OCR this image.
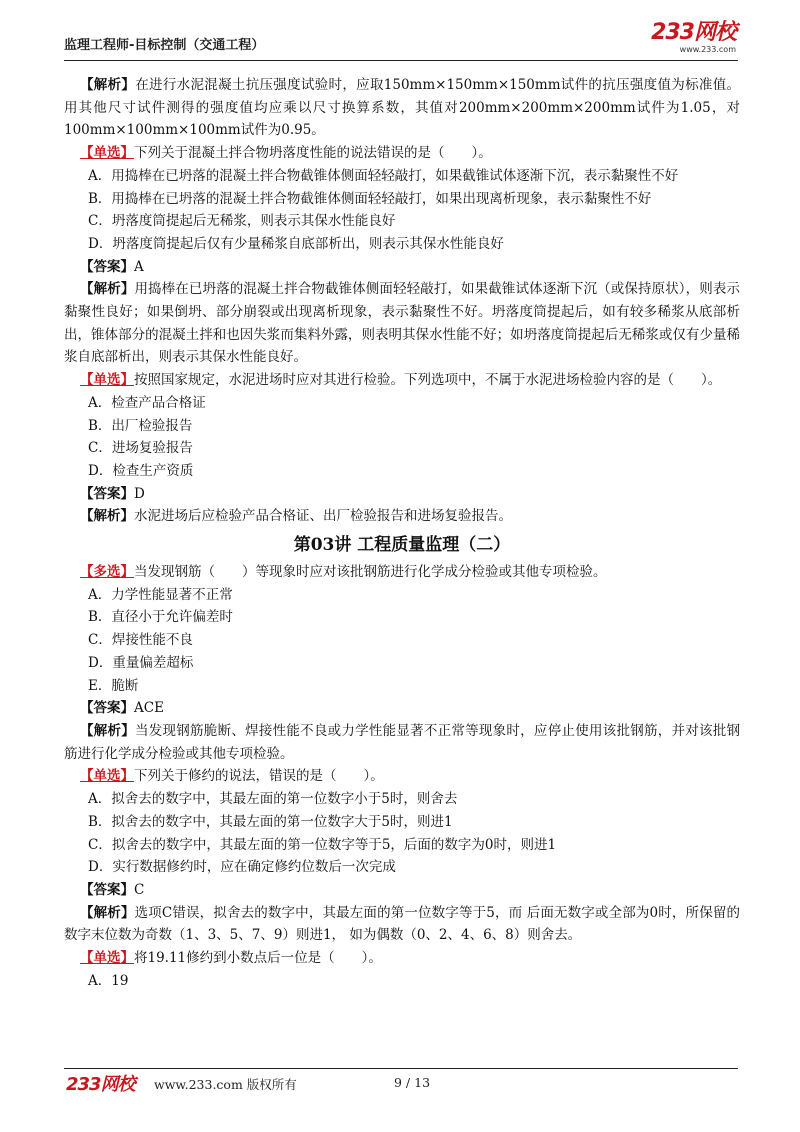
监理工程师-目标控制（交通工程）
233网校
www.233.com
【解析】在进行水泥混凝土抗压强度试验时，应取150mm×150mm×150mm试件的抗压强度值为标准值。用其他尺寸试件测得的强度值均应乘以尺寸换算系数，其值对200mm×200mm×200mm试件为1.05，对100mm×100mm×100mm试件为0.95。
【单选】下列关于混凝土拌合物坍落度性能的说法错误的是（　　）。
A．用捣棒在已坍落的混凝土拌合物截锥体侧面轻轻敲打，如果截锥试体逐渐下沉，表示黏聚性不好
B．用捣棒在已坍落的混凝土拌合物截锥体侧面轻轻敲打，如果出现离析现象，表示黏聚性不好
C．坍落度筒提起后无稀浆，则表示其保水性能良好
D．坍落度筒提起后仅有少量稀浆自底部析出，则表示其保水性能良好
【答案】A
【解析】用捣棒在已坍落的混凝土拌合物截锥体侧面轻轻敲打，如果截锥试体逐渐下沉（或保持原状），则表示黏聚性良好；如果倒坍、部分崩裂或出现离析现象，表示黏聚性不好。坍落度筒提起后，如有较多稀浆从底部析出，锥体部分的混凝土拌和也因失浆而集料外露，则表明其保水性能不好；如坍落度筒提起后无稀浆或仅有少量稀浆自底部析出，则表示其保水性能良好。
【单选】按照国家规定，水泥进场时应对其进行检验。下列选项中，不属于水泥进场检验内容的是（　　）。
A．检查产品合格证
B．出厂检验报告
C．进场复验报告
D．检查生产资质
【答案】D
【解析】水泥进场后应检验产品合格证、出厂检验报告和进场复验报告。
第03讲 工程质量监理（二）
【多选】当发现钢筋（　　）等现象时应对该批钢筋进行化学成分检验或其他专项检验。
A．力学性能显著不正常
B．直径小于允许偏差时
C．焊接性能不良
D．重量偏差超标
E．脆断
【答案】ACE
【解析】当发现钢筋脆断、焊接性能不良或力学性能显著不正常等现象时，应停止使用该批钢筋，并对该批钢筋进行化学成分检验或其他专项检验。
【单选】下列关于修约的说法，错误的是（　　）。
A．拟舍去的数字中，其最左面的第一位数字小于5时，则舍去
B．拟舍去的数字中，其最左面的第一位数字大于5时，则进1
C．拟舍去的数字中，其最左面的第一位数字等于5，后面的数字为0时，则进1
D．实行数据修约时，应在确定修约位数后一次完成
【答案】C
【解析】选项C错误，拟舍去的数字中，其最左面的第一位数字等于5，而 后面无数字或全部为0时，所保留的数字末位数为奇数（1、3、5、7、9）则进1， 如为偶数（0、2、4、6、8）则舍去。
【单选】将19.11修约到小数点后一位是（　　）。
A．19
233网校 www.233.com 版权所有	9 / 13
